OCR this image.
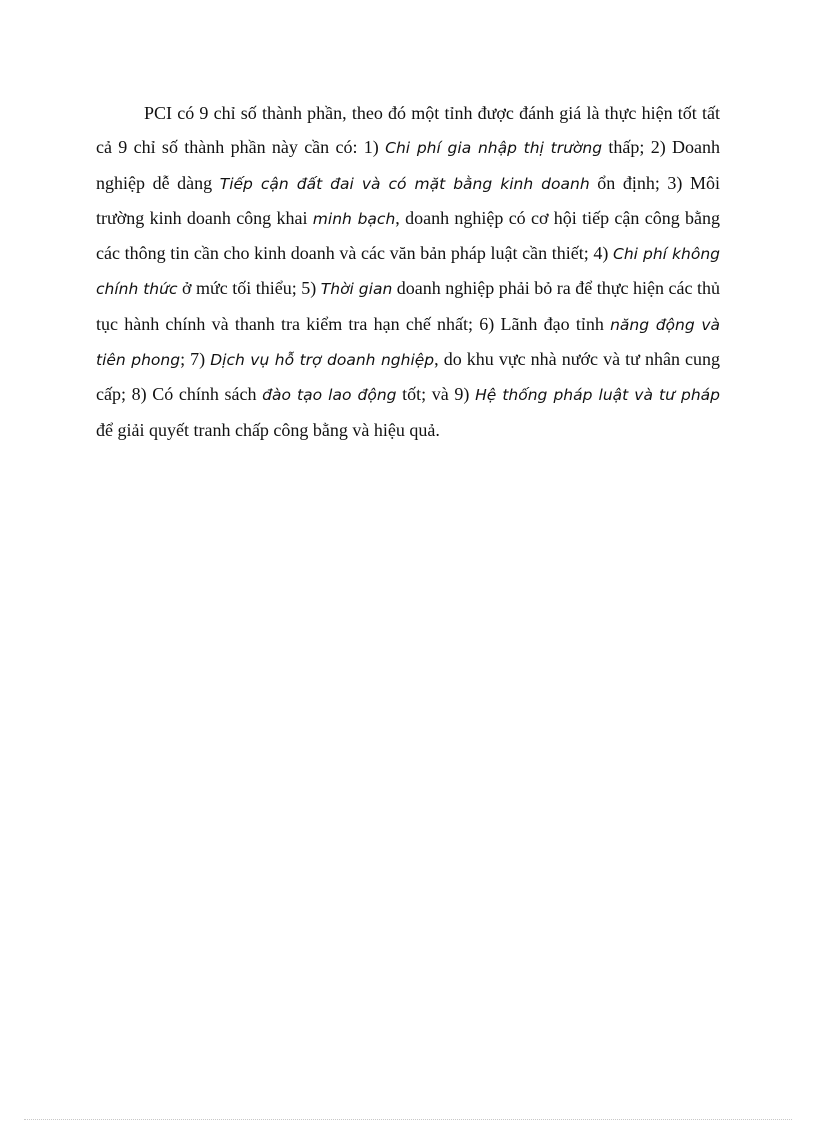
PCI có 9 chỉ số thành phần, theo đó một tỉnh được đánh giá là thực hiện tốt tất cả 9 chỉ số thành phần này cần có: 1) Chi phí gia nhập thị trường thấp; 2) Doanh nghiệp dễ dàng Tiếp cận đất đai và có mặt bằng kinh doanh ổn định; 3) Môi trường kinh doanh công khai minh bạch, doanh nghiệp có cơ hội tiếp cận công bằng các thông tin cần cho kinh doanh và các văn bản pháp luật cần thiết; 4) Chi phí không chính thức ở mức tối thiểu; 5) Thời gian doanh nghiệp phải bỏ ra để thực hiện các thủ tục hành chính và thanh tra kiểm tra hạn chế nhất; 6) Lãnh đạo tỉnh năng động và tiên phong; 7) Dịch vụ hỗ trợ doanh nghiệp, do khu vực nhà nước và tư nhân cung cấp; 8) Có chính sách đào tạo lao động tốt; và 9) Hệ thống pháp luật và tư pháp để giải quyết tranh chấp công bằng và hiệu quả.
